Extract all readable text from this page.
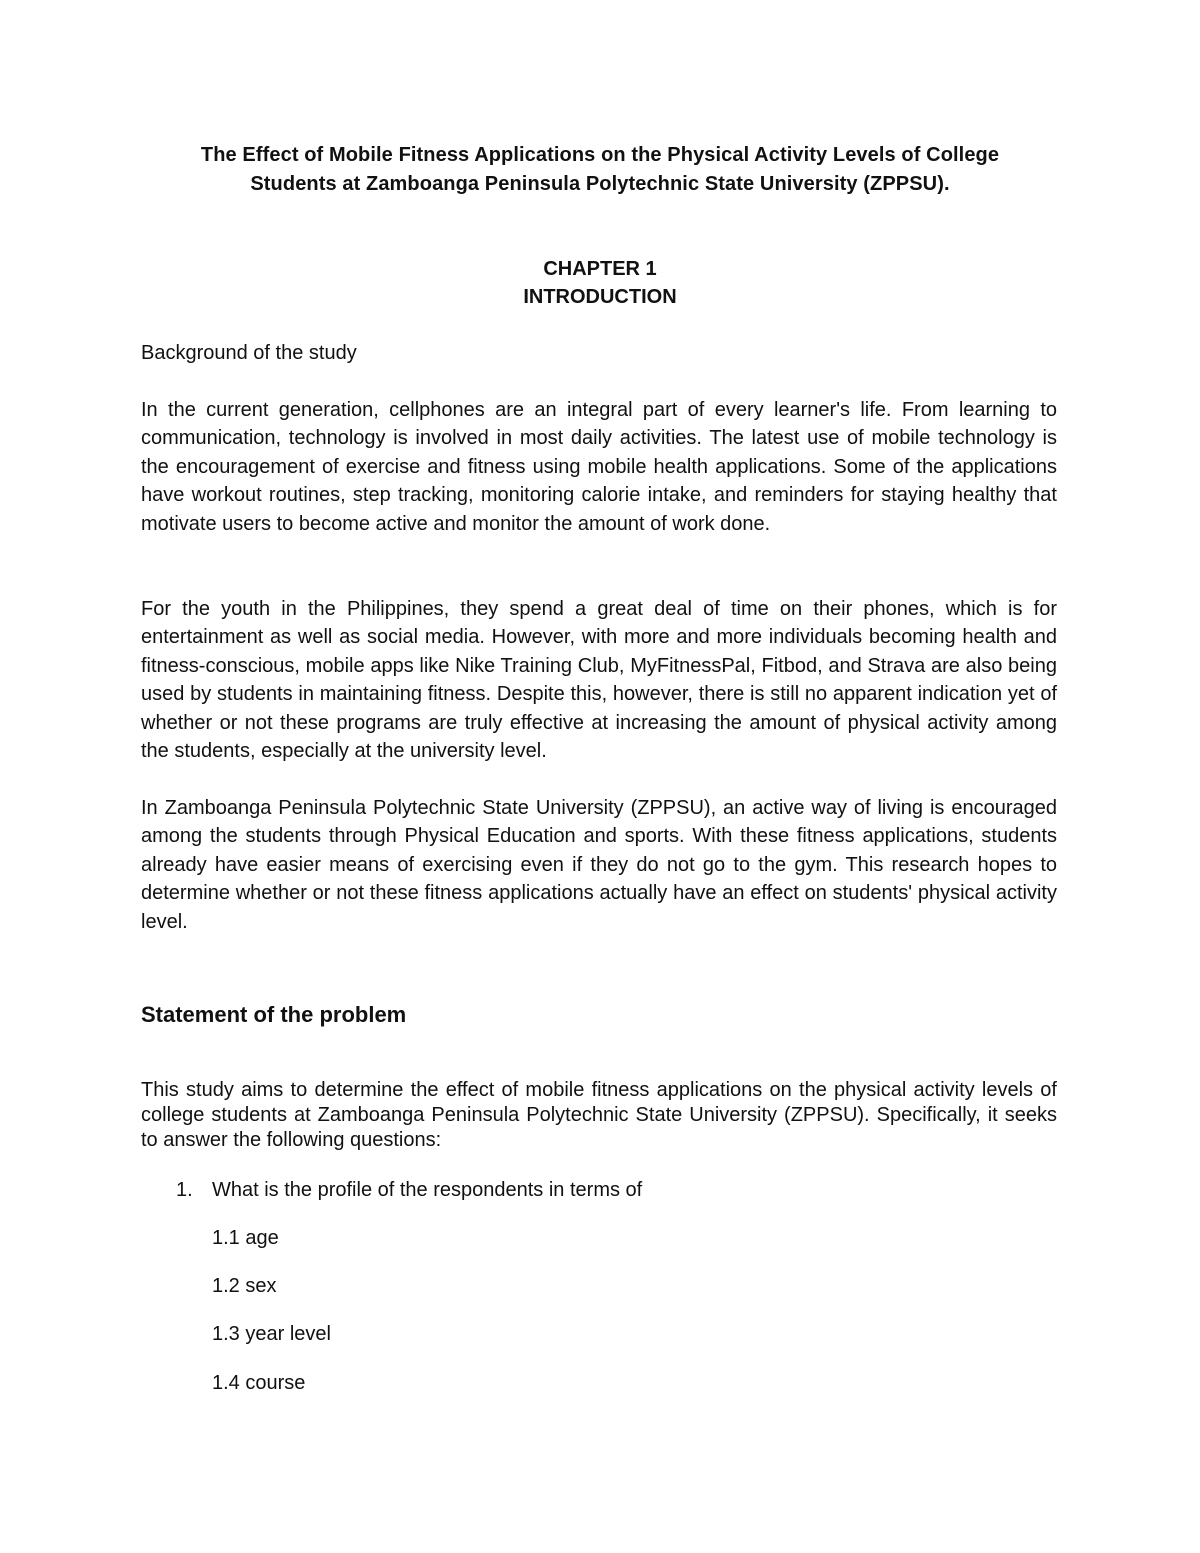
The Effect of Mobile Fitness Applications on the Physical Activity Levels of College
Students at Zamboanga Peninsula Polytechnic State University (ZPPSU).
CHAPTER 1
INTRODUCTION
Background of the study
In the current generation, cellphones are an integral part of every learner's life. From learning to communication, technology is involved in most daily activities. The latest use of mobile technology is the encouragement of exercise and fitness using mobile health applications. Some of the applications have workout routines, step tracking, monitoring calorie intake, and reminders for staying healthy that motivate users to become active and monitor the amount of work done.
For the youth in the Philippines, they spend a great deal of time on their phones, which is for entertainment as well as social media. However, with more and more individuals becoming health and fitness-conscious, mobile apps like Nike Training Club, MyFitnessPal, Fitbod, and Strava are also being used by students in maintaining fitness. Despite this, however, there is still no apparent indication yet of whether or not these programs are truly effective at increasing the amount of physical activity among the students, especially at the university level.
In Zamboanga Peninsula Polytechnic State University (ZPPSU), an active way of living is encouraged among the students through Physical Education and sports. With these fitness applications, students already have easier means of exercising even if they do not go to the gym. This research hopes to determine whether or not these fitness applications actually have an effect on students' physical activity level.
Statement of the problem
This study aims to determine the effect of mobile fitness applications on the physical activity levels of college students at Zamboanga Peninsula Polytechnic State University (ZPPSU). Specifically, it seeks to answer the following questions:
1. What is the profile of the respondents in terms of
1.1 age
1.2 sex
1.3 year level
1.4 course
